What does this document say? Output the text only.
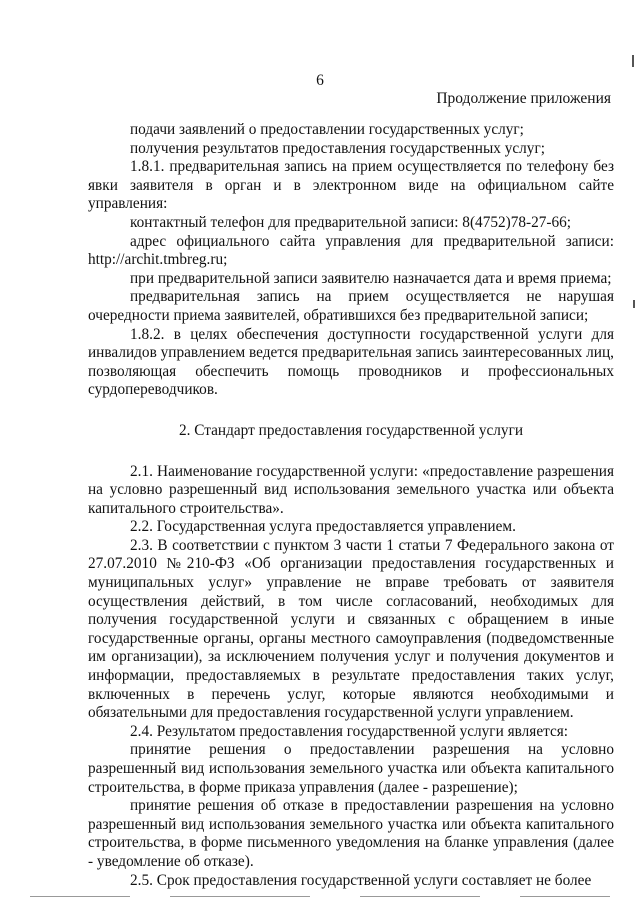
6
Продолжение приложения

подачи заявлений о предоставлении государственных услуг;

получения результатов предоставления государственных услуг;

1.8.1. предварительная запись на прием осуществляется по телефону без явки заявителя в орган и в электронном виде на официальном сайте управления:

контактный телефон для предварительной записи: 8(4752)78-27-66;

адрес официального сайта управления для предварительной записи: http://archit.tmbreg.ru;

при предварительной записи заявителю назначается дата и время приема;

предварительная запись на прием осуществляется не нарушая очередности приема заявителей, обратившихся без предварительной записи;

1.8.2. в целях обеспечения доступности государственной услуги для инвалидов управлением ведется предварительная запись заинтересованных лиц, позволяющая обеспечить помощь проводников и профессиональных сурдопереводчиков.

2. Стандарт предоставления государственной услуги

2.1. Наименование государственной услуги: «предоставление разрешения на условно разрешенный вид использования земельного участка или объекта капитального строительства».

2.2. Государственная услуга предоставляется управлением.

2.3. В соответствии с пунктом 3 части 1 статьи 7 Федерального закона от 27.07.2010 №210-ФЗ «Об организации предоставления государственных и муниципальных услуг» управление не вправе требовать от заявителя осуществления действий, в том числе согласований, необходимых для получения государственной услуги и связанных с обращением в иные государственные органы, органы местного самоуправления (подведомственные им организации), за исключением получения услуг и получения документов и информации, предоставляемых в результате предоставления таких услуг, включенных в перечень услуг, которые являются необходимыми и обязательными для предоставления государственной услуги управлением.

2.4. Результатом предоставления государственной услуги является:

принятие решения о предоставлении разрешения на условно разрешенный вид использования земельного участка или объекта капитального строительства, в форме приказа управления (далее - разрешение);

принятие решения об отказе в предоставлении разрешения на условно разрешенный вид использования земельного участка или объекта капитального строительства, в форме письменного уведомления на бланке управления (далее - уведомление об отказе).

2.5. Срок предоставления государственной услуги составляет не более
